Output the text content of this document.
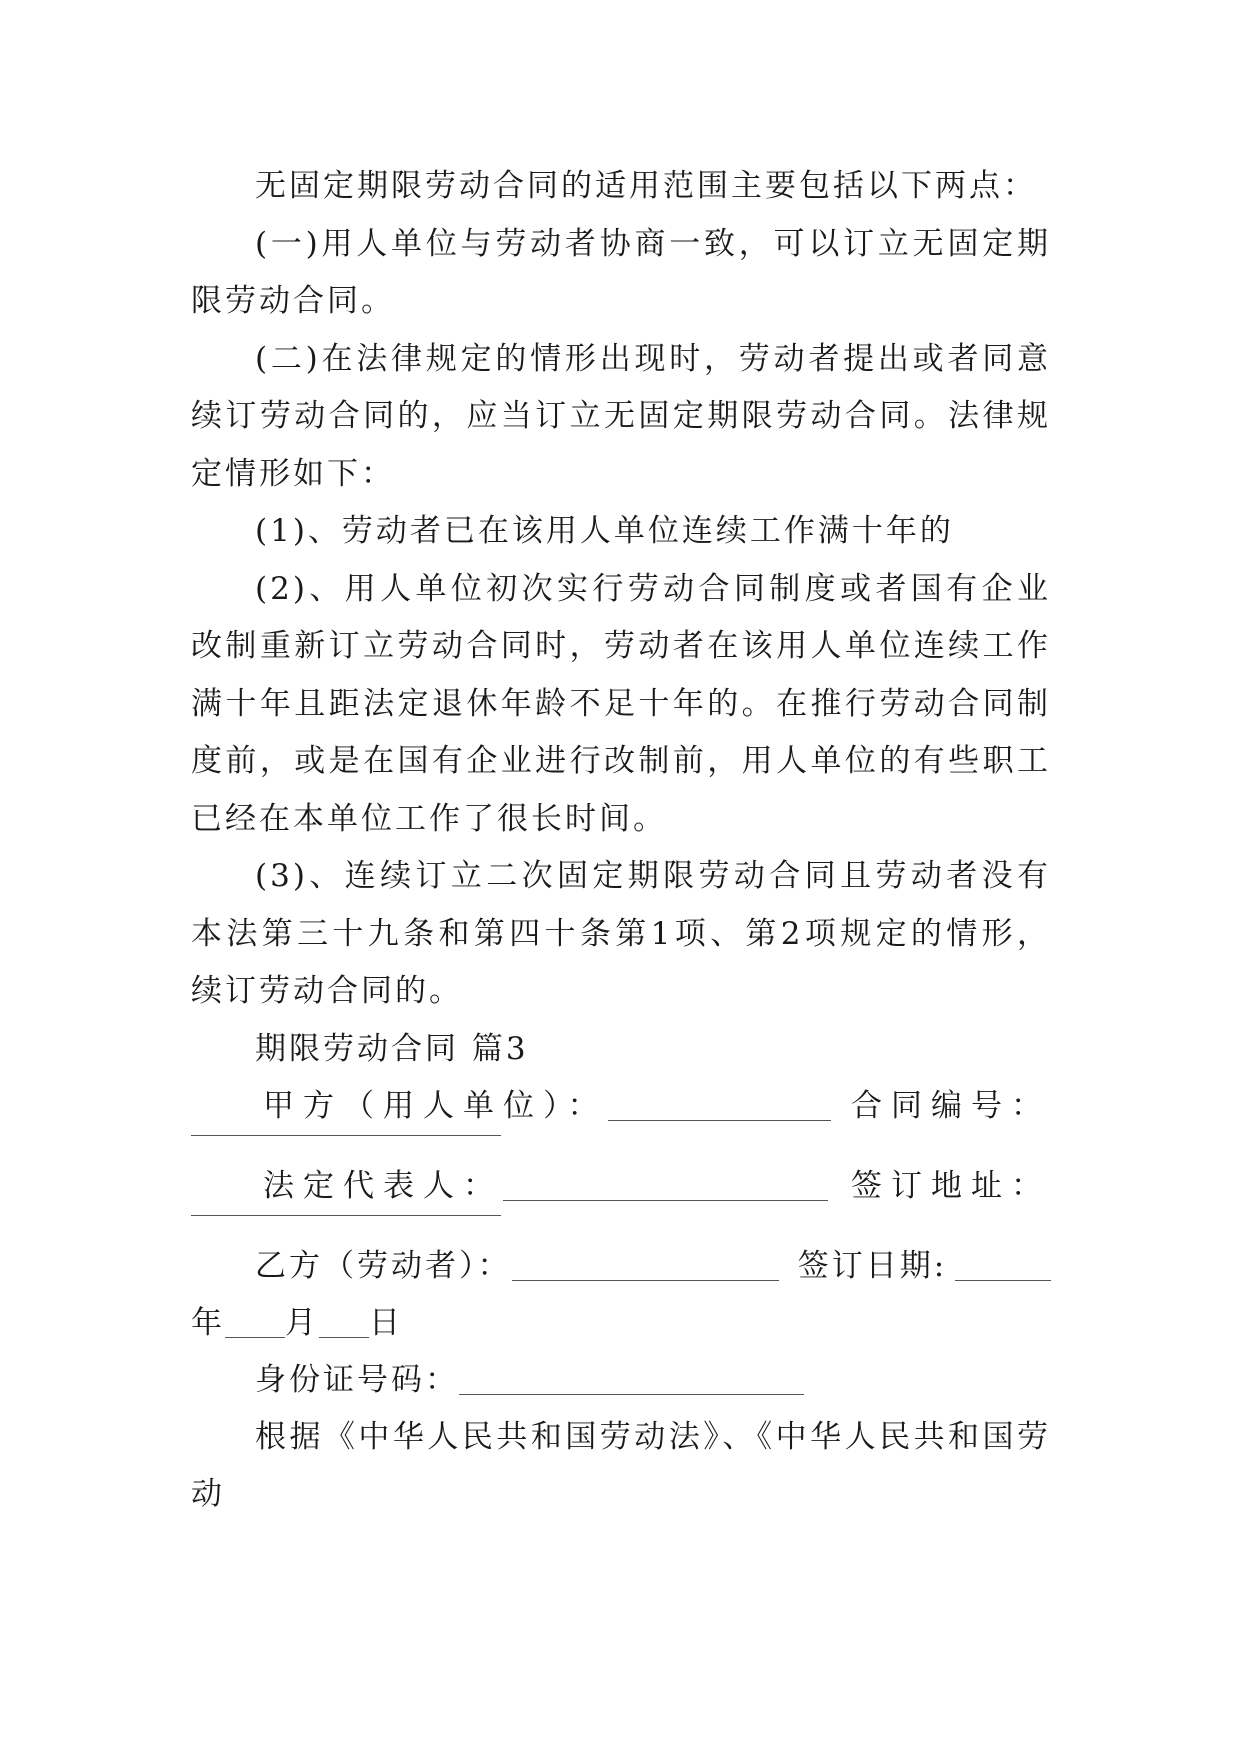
无固定期限劳动合同的适用范围主要包括以下两点：

(一)用人单位与劳动者协商一致，可以订立无固定期限劳动合同。

(二)在法律规定的情形出现时，劳动者提出或者同意续订劳动合同的，应当订立无固定期限劳动合同。法律规定情形如下：

(1)、劳动者已在该用人单位连续工作满十年的

(2)、用人单位初次实行劳动合同制度或者国有企业改制重新订立劳动合同时，劳动者在该用人单位连续工作满十年且距法定退休年龄不足十年的。在推行劳动合同制度前，或是在国有企业进行改制前，用人单位的有些职工已经在本单位工作了很长时间。

(3)、连续订立二次固定期限劳动合同且劳动者没有本法第三十九条和第四十条第1项、第2项规定的情形，续订劳动合同的。

期限劳动合同 篇3

甲方（用人单位）：	合同编号：
法定代表人：	签订地址：
乙方（劳动者）：	签订日期:
年 月 日
身份证号码：

根据《中华人民共和国劳动法》、《中华人民共和国劳动
